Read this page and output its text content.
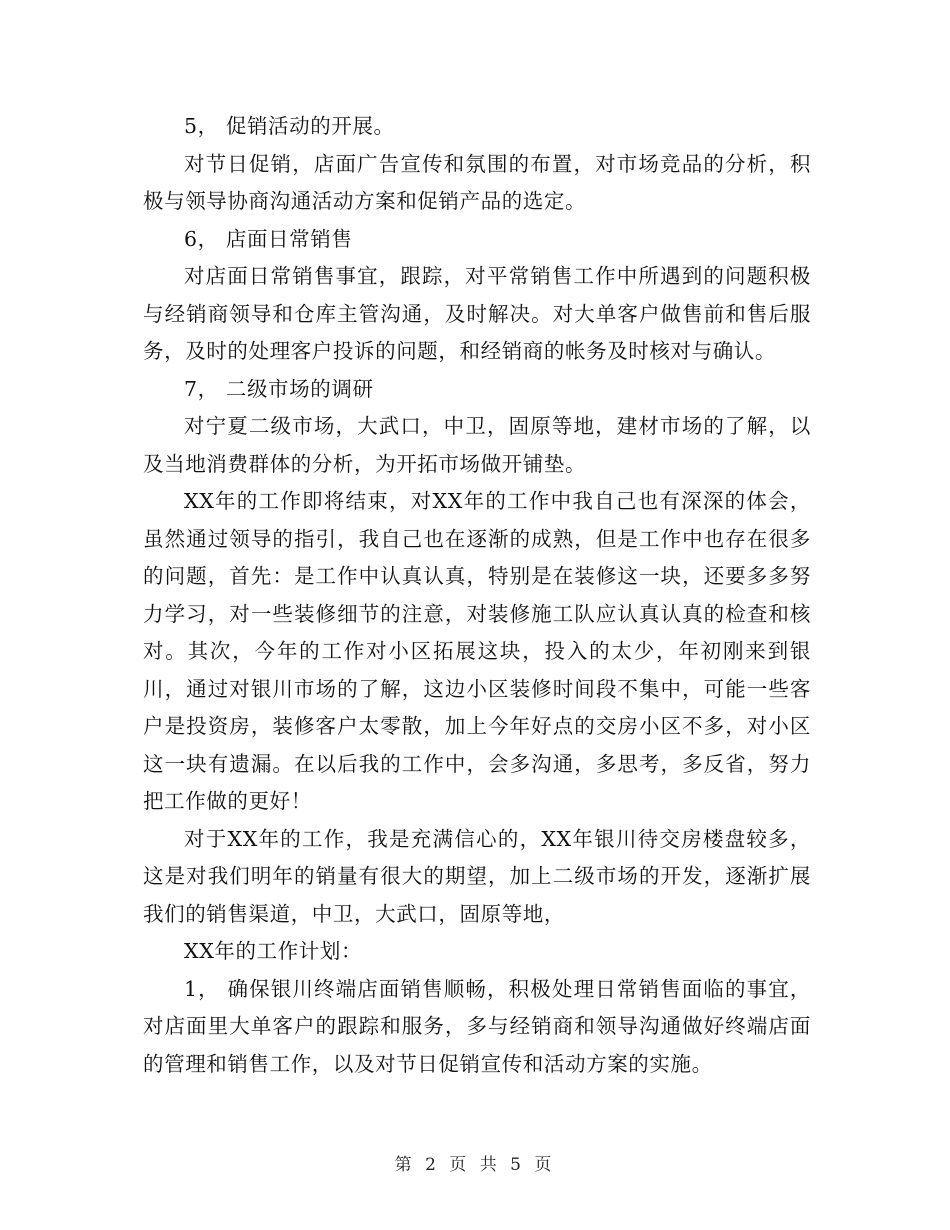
5， 促销活动的开展。

对节日促销，店面广告宣传和氛围的布置，对市场竞品的分析，积极与领导协商沟通活动方案和促销产品的选定。

6， 店面日常销售

对店面日常销售事宜，跟踪，对平常销售工作中所遇到的问题积极与经销商领导和仓库主管沟通，及时解决。对大单客户做售前和售后服务，及时的处理客户投诉的问题，和经销商的帐务及时核对与确认。

7， 二级市场的调研

对宁夏二级市场，大武口，中卫，固原等地，建材市场的了解，以及当地消费群体的分析，为开拓市场做开铺垫。

XX年的工作即将结束，对XX年的工作中我自己也有深深的体会，虽然通过领导的指引，我自己也在逐渐的成熟，但是工作中也存在很多的问题，首先：是工作中认真认真，特别是在装修这一块，还要多多努力学习，对一些装修细节的注意，对装修施工队应认真认真的检查和核对。其次，今年的工作对小区拓展这块，投入的太少，年初刚来到银川，通过对银川市场的了解，这边小区装修时间段不集中，可能一些客户是投资房，装修客户太零散，加上今年好点的交房小区不多，对小区这一块有遗漏。在以后我的工作中，会多沟通，多思考，多反省，努力把工作做的更好！

对于XX年的工作，我是充满信心的，XX年银川待交房楼盘较多，这是对我们明年的销量有很大的期望，加上二级市场的开发，逐渐扩展我们的销售渠道，中卫，大武口，固原等地，

XX年的工作计划：

1， 确保银川终端店面销售顺畅，积极处理日常销售面临的事宜，对店面里大单客户的跟踪和服务，多与经销商和领导沟通做好终端店面的管理和销售工作，以及对节日促销宣传和活动方案的实施。

第 2 页 共 5 页
